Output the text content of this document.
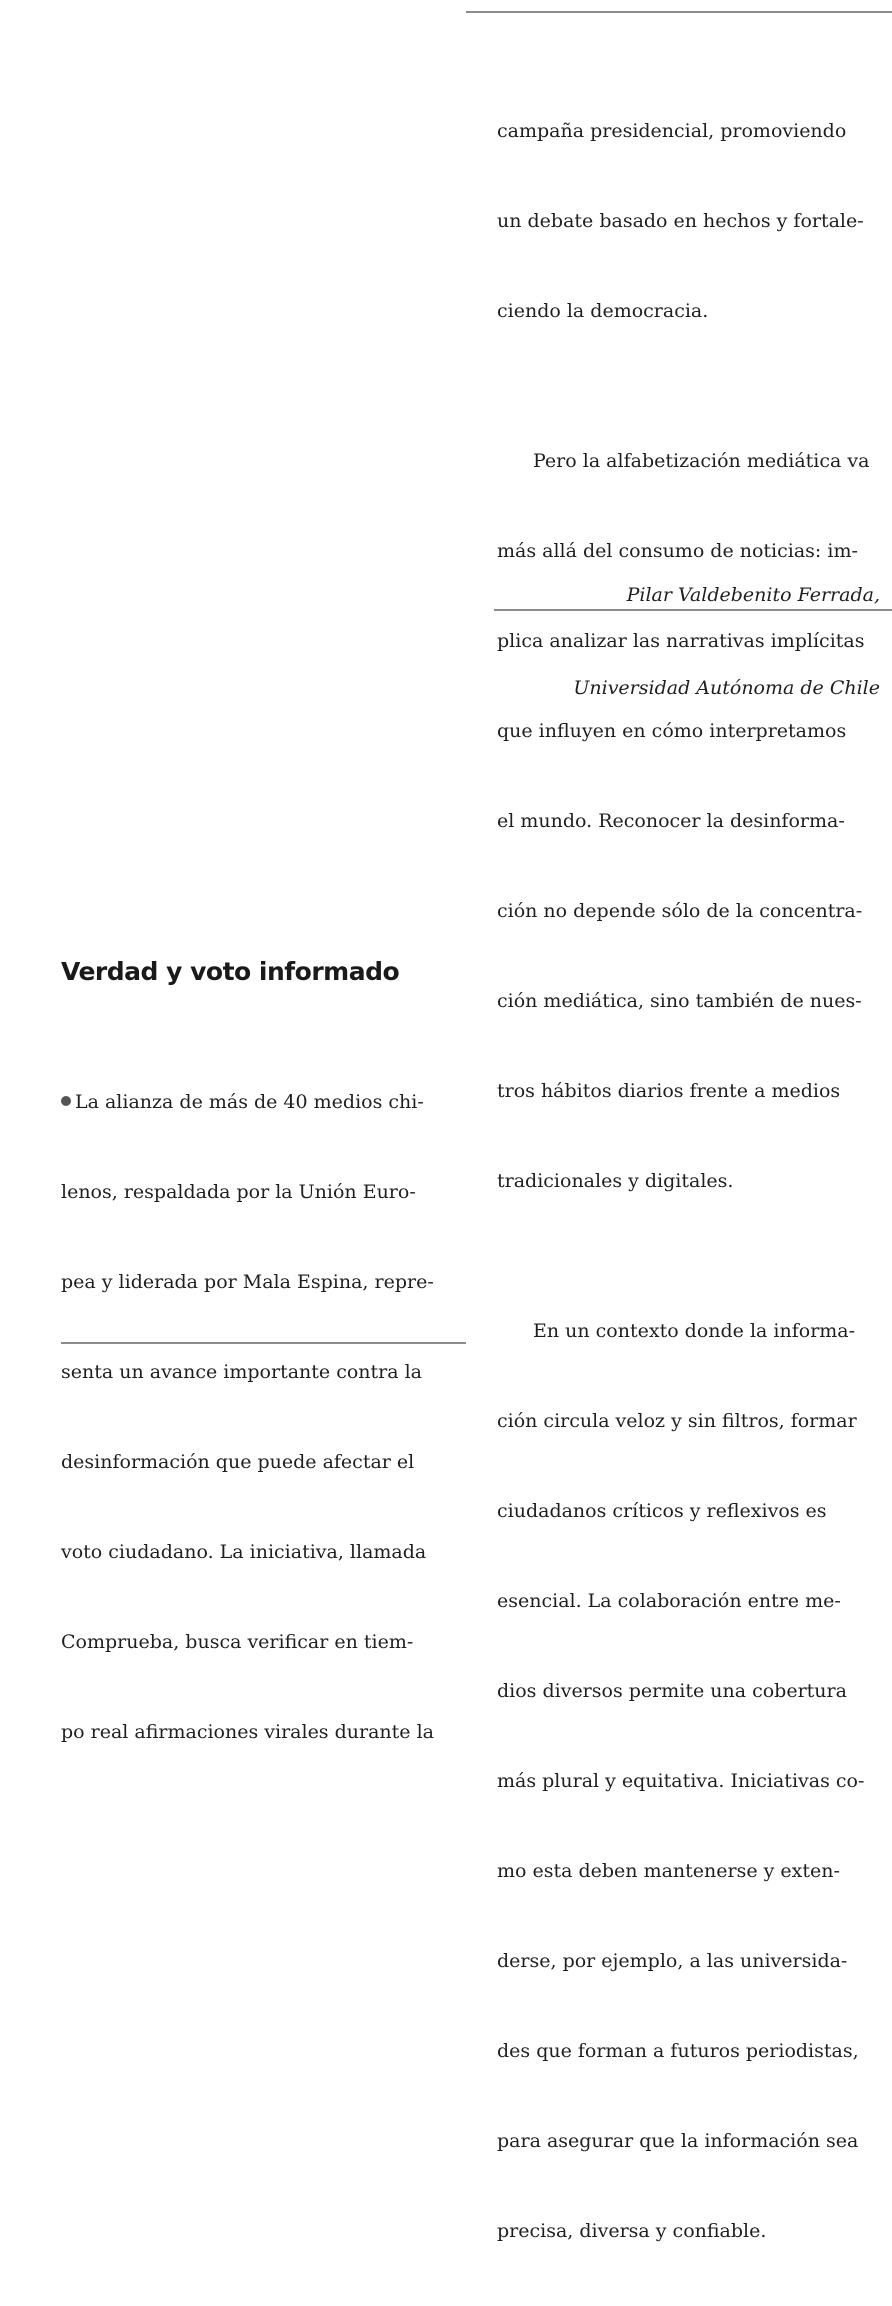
campaña presidencial, promoviendo

un debate basado en hechos y fortale-

ciendo la democracia.

Pero la alfabetización mediática va

más allá del consumo de noticias: im-

plica analizar las narrativas implícitas

que influyen en cómo interpretamos

el mundo. Reconocer la desinforma-

ción no depende sólo de la concentra-

ción mediática, sino también de nues-

tros hábitos diarios frente a medios

tradicionales y digitales.

En un contexto donde la informa-

ción circula veloz y sin filtros, formar

ciudadanos críticos y reflexivos es

esencial. La colaboración entre me-

dios diversos permite una cobertura

más plural y equitativa. Iniciativas co-

mo esta deben mantenerse y exten-

derse, por ejemplo, a las universida-

des que forman a futuros periodistas,

para asegurar que la información sea

precisa, diversa y confiable.

Pilar Valdebenito Ferrada,

Universidad Autónoma de Chile

Verdad y voto informado

La alianza de más de 40 medios chi-

lenos, respaldada por la Unión Euro-

pea y liderada por Mala Espina, repre-

senta un avance importante contra la

desinformación que puede afectar el

voto ciudadano. La iniciativa, llamada

Comprueba, busca verificar en tiem-

po real afirmaciones virales durante la
